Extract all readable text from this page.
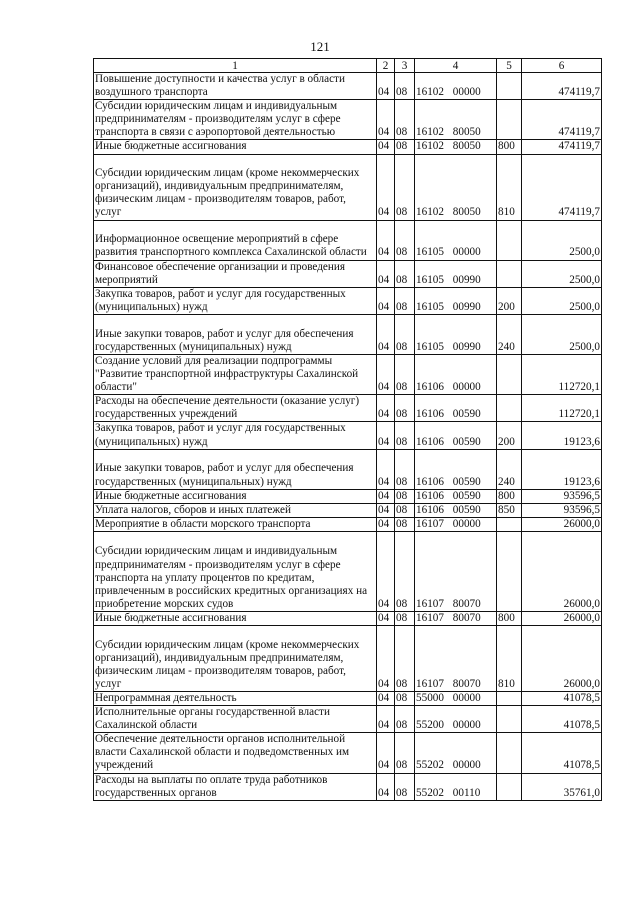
121
1	2	3	4	5	6
Повышение доступности и качества услуг в области воздушного транспорта	04	08	16102 00000		474119,7
Субсидии юридическим лицам и индивидуальным предпринимателям - производителям услуг в сфере транспорта в связи с аэропортовой деятельностью	04	08	16102 80050		474119,7
Иные бюджетные ассигнования	04	08	16102 80050	800	474119,7
Субсидии юридическим лицам (кроме некоммерческих организаций), индивидуальным предпринимателям, физическим лицам - производителям товаров, работ, услуг	04	08	16102 80050	810	474119,7
Информационное освещение мероприятий в сфере развития транспортного комплекса Сахалинской области	04	08	16105 00000		2500,0
Финансовое обеспечение организации и проведения мероприятий	04	08	16105 00990		2500,0
Закупка товаров, работ и услуг для государственных (муниципальных) нужд	04	08	16105 00990	200	2500,0
Иные закупки товаров, работ и услуг для обеспечения государственных (муниципальных) нужд	04	08	16105 00990	240	2500,0
Создание условий для реализации подпрограммы "Развитие транспортной инфраструктуры Сахалинской области"	04	08	16106 00000		112720,1
Расходы на обеспечение деятельности (оказание услуг) государственных учреждений	04	08	16106 00590		112720,1
Закупка товаров, работ и услуг для государственных (муниципальных) нужд	04	08	16106 00590	200	19123,6
Иные закупки товаров, работ и услуг для обеспечения государственных (муниципальных) нужд	04	08	16106 00590	240	19123,6
Иные бюджетные ассигнования	04	08	16106 00590	800	93596,5
Уплата налогов, сборов и иных платежей	04	08	16106 00590	850	93596,5
Мероприятие в области морского транспорта	04	08	16107 00000		26000,0
Субсидии юридическим лицам и индивидуальным предпринимателям - производителям услуг в сфере транспорта на уплату процентов по кредитам, привлеченным в российских кредитных организациях на приобретение морских судов	04	08	16107 80070		26000,0
Иные бюджетные ассигнования	04	08	16107 80070	800	26000,0
Субсидии юридическим лицам (кроме некоммерческих организаций), индивидуальным предпринимателям, физическим лицам - производителям товаров, работ, услуг	04	08	16107 80070	810	26000,0
Непрограммная деятельность	04	08	55000 00000		41078,5
Исполнительные органы государственной власти Сахалинской области	04	08	55200 00000		41078,5
Обеспечение деятельности органов исполнительной власти Сахалинской области и подведомственных им учреждений	04	08	55202 00000		41078,5
Расходы на выплаты по оплате труда работников государственных органов	04	08	55202 00110		35761,0
